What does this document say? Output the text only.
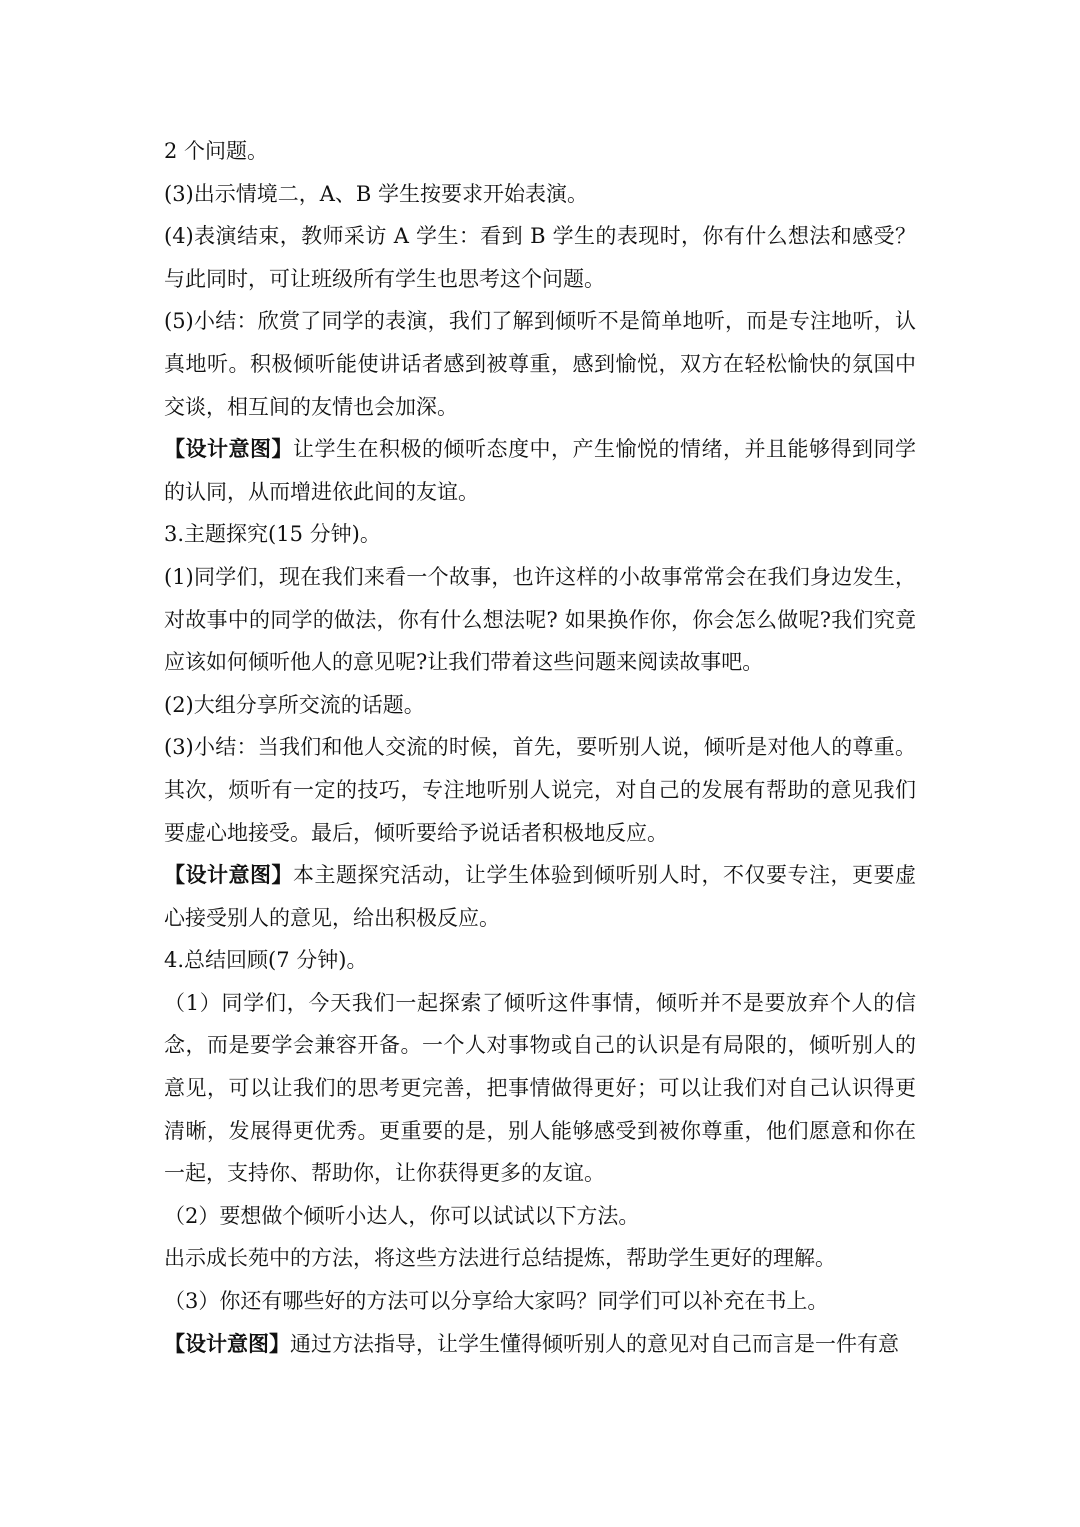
2 个问题。

(3)出示情境二，A、B 学生按要求开始表演。

(4)表演结束，教师采访 A 学生：看到 B 学生的表现时，你有什么想法和感受？与此同时，可让班级所有学生也思考这个问题。

(5)小结：欣赏了同学的表演，我们了解到倾听不是简单地听，而是专注地听，认真地听。积极倾听能使讲话者感到被尊重，感到愉悦，双方在轻松愉快的氛国中交谈，相互间的友情也会加深。

【设计意图】让学生在积极的倾听态度中，产生愉悦的情绪，并且能够得到同学的认同，从而增进依此间的友谊。

3.主题探究(15 分钟)。

(1)同学们，现在我们来看一个故事，也许这样的小故事常常会在我们身边发生，对故事中的同学的做法，你有什么想法呢? 如果换作你，你会怎么做呢?我们究竟应该如何倾听他人的意见呢?让我们带着这些问题来阅读故事吧。

(2)大组分享所交流的话题。

(3)小结：当我们和他人交流的时候，首先，要听别人说，倾听是对他人的尊重。其次，烦听有一定的技巧，专注地听别人说完，对自己的发展有帮助的意见我们要虚心地接受。最后，倾听要给予说话者积极地反应。

【设计意图】本主题探究活动，让学生体验到倾听别人时，不仅要专注，更要虚心接受别人的意见，给出积极反应。

4.总结回顾(7 分钟)。

（1）同学们，今天我们一起探索了倾听这件事情，倾听并不是要放弃个人的信念，而是要学会兼容开备。一个人对事物或自己的认识是有局限的，倾听别人的意见，可以让我们的思考更完善，把事情做得更好；可以让我们对自己认识得更清晰，发展得更优秀。更重要的是，别人能够感受到被你尊重，他们愿意和你在一起，支持你、帮助你，让你获得更多的友谊。

（2）要想做个倾听小达人，你可以试试以下方法。

出示成长苑中的方法，将这些方法进行总结提炼，帮助学生更好的理解。

（3）你还有哪些好的方法可以分享给大家吗？同学们可以补充在书上。

【设计意图】通过方法指导，让学生懂得倾听别人的意见对自己而言是一件有意
